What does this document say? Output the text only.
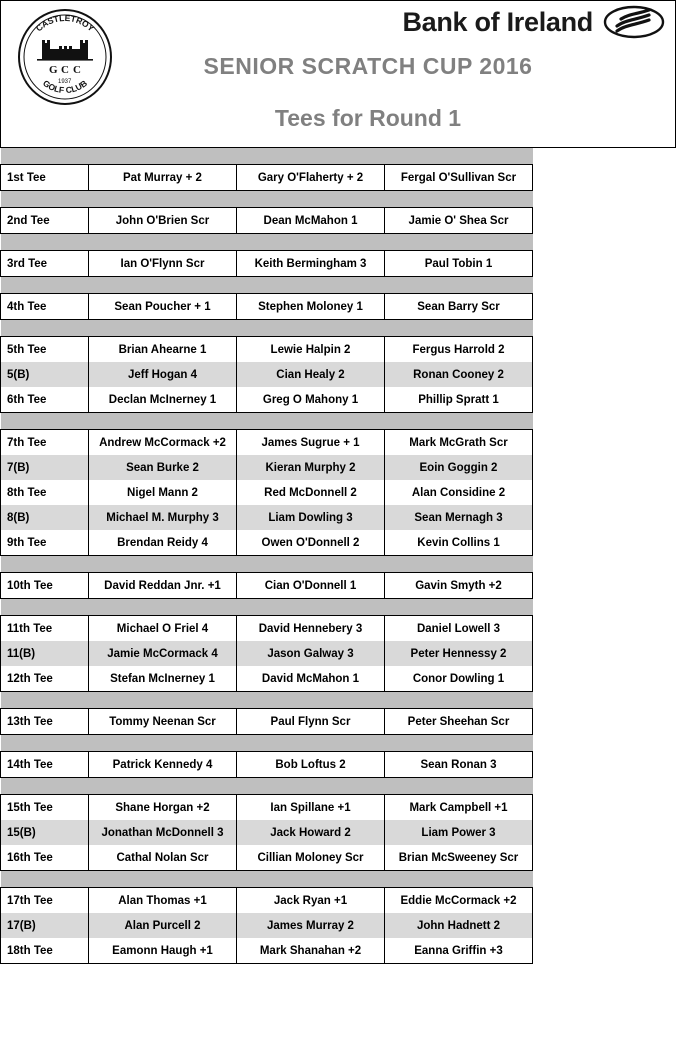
CASTLETROY
GOLF CLUB
G C C
1937
Bank of Ireland
SENIOR SCRATCH CUP 2016
Tees for Round 1

1st Tee	Pat Murray + 2	Gary O'Flaherty + 2	Fergal O'Sullivan Scr	

2nd Tee	John O'Brien Scr	Dean McMahon 1	Jamie O' Shea Scr	

3rd Tee	Ian O'Flynn Scr	Keith Bermingham 3	Paul Tobin 1	

4th Tee	Sean Poucher + 1	Stephen Moloney 1	Sean Barry Scr	

5th Tee	Brian Ahearne 1	Lewie Halpin 2	Fergus Harrold 2	
5(B)	Jeff Hogan 4	Cian Healy 2	Ronan Cooney 2	
6th Tee	Declan McInerney 1	Greg O Mahony 1	Phillip Spratt 1	

7th Tee	Andrew McCormack +2	James Sugrue + 1	Mark McGrath Scr	
7(B)	Sean Burke 2	Kieran Murphy 2	Eoin Goggin 2	
8th Tee	Nigel Mann 2	Red McDonnell 2	Alan Considine 2	
8(B)	Michael M. Murphy 3	Liam Dowling 3	Sean Mernagh 3	
9th Tee	Brendan Reidy 4	Owen O'Donnell 2	Kevin Collins 1	

10th Tee	David Reddan Jnr. +1	Cian O'Donnell 1	Gavin Smyth +2	

11th Tee	Michael O Friel 4	David Hennebery 3	Daniel Lowell 3	
11(B)	Jamie McCormack 4	Jason Galway 3	Peter Hennessy 2	
12th Tee	Stefan McInerney 1	David McMahon 1	Conor Dowling 1	

13th Tee	Tommy Neenan Scr	Paul Flynn Scr	Peter Sheehan Scr	

14th Tee	Patrick Kennedy 4	Bob Loftus 2	Sean Ronan 3	

15th Tee	Shane Horgan +2	Ian Spillane +1	Mark Campbell +1	
15(B)	Jonathan McDonnell 3	Jack Howard 2	Liam Power 3	
16th Tee	Cathal Nolan Scr	Cillian Moloney Scr	Brian McSweeney Scr	

17th Tee	Alan Thomas +1	Jack Ryan +1	Eddie McCormack +2	
17(B)	Alan Purcell 2	James Murray 2	John Hadnett 2	
18th Tee	Eamonn Haugh +1	Mark Shanahan +2	Eanna Griffin +3	
